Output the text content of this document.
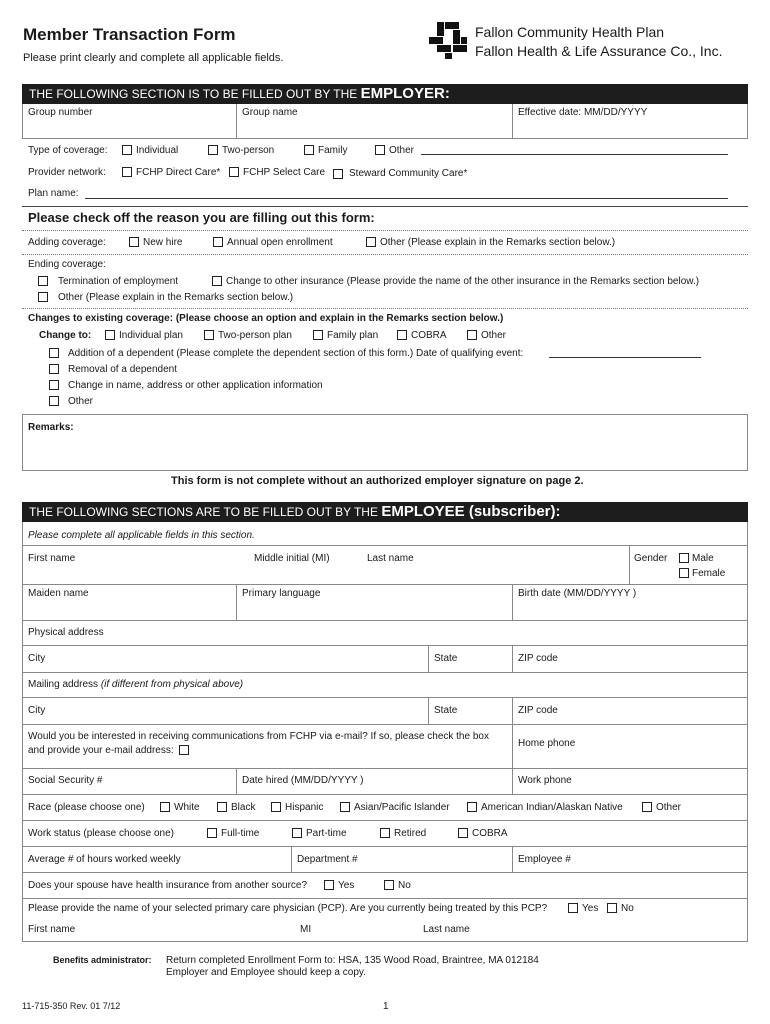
Member Transaction Form
Please print clearly and complete all applicable fields.
Fallon Community Health Plan
Fallon Health & Life Assurance Co., Inc.
THE FOLLOWING SECTION IS TO BE FILLED OUT BY THE EMPLOYER:
Group number	Group name	Effective date: MM/DD/YYYY
Type of coverage:	Individual	Two-person	Family	Other
Provider network:	FCHP Direct Care* FCHP Select Care Steward Community Care*
Plan name:
Please check off the reason you are filling out this form:
Adding coverage:	New hire	Annual open enrollment	Other (Please explain in the Remarks section below.)
Ending coverage:
Termination of employment	Change to other insurance (Please provide the name of the other insurance in the Remarks section below.)
Other (Please explain in the Remarks section below.)
Changes to existing coverage: (Please choose an option and explain in the Remarks section below.)
Change to:	Individual plan	Two-person plan	Family plan	COBRA	Other
Addition of a dependent (Please complete the dependent section of this form.) Date of qualifying event:
Removal of a dependent
Change in name, address or other application information
Other
Remarks:
This form is not complete without an authorized employer signature on page 2.
THE FOLLOWING SECTIONS ARE TO BE FILLED OUT BY THE EMPLOYEE (subscriber):
Please complete all applicable fields in this section.
First name	Middle initial (MI)	Last name	Gender Male
Female
Maiden name	Primary language	Birth date (MM/DD/YYYY )
Physical address
City	State	ZIP code
Mailing address (if different from physical above)
City	State	ZIP code
Would you be interested in receiving communications from FCHP via e-mail? If so, please check the box
and provide your e-mail address:
Home phone
Social Security #	Date hired (MM/DD/YYYY )	Work phone
Race (please choose one)	White	Black	Hispanic	Asian/Pacific Islander	American Indian/Alaskan Native	Other
Work status (please choose one)	Full-time	Part-time	Retired	COBRA
Average # of hours worked weekly	Department #	Employee #
Does your spouse have health insurance from another source?	Yes	No
Please provide the name of your selected primary care physician (PCP). Are you currently being treated by this PCP?	Yes No
First name	MI	Last name
Benefits administrator: Return completed Enrollment Form to: HSA, 135 Wood Road, Braintree, MA 012184
Employer and Employee should keep a copy.
11-715-350 Rev. 01 7/12	1
